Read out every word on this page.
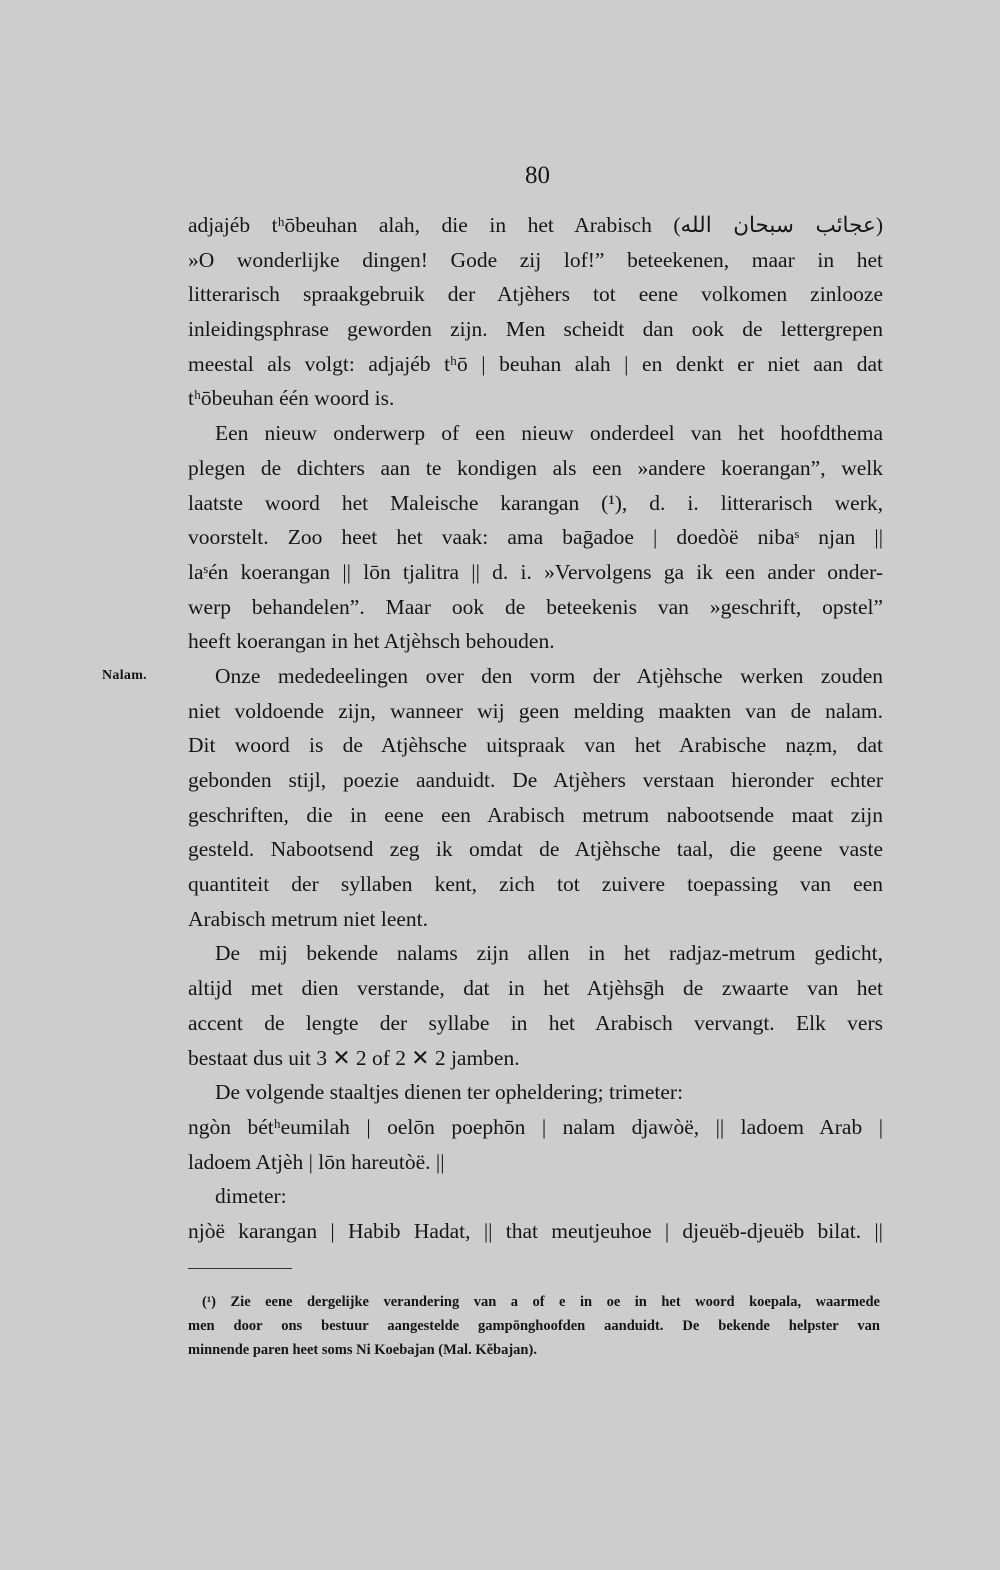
80
adjajéb tʰōbeuhan alah, die in het Arabisch (عجائب سبحان الله)
»O wonderlijke dingen! Gode zij lof!” beteekenen, maar in het
litterarisch spraakgebruik der Atjèhers tot eene volkomen zinlooze
inleidingsphrase geworden zijn. Men scheidt dan ook de lettergrepen
meestal als volgt: adjajéb tʰō | beuhan alah | en denkt er niet aan dat
tʰōbeuhan één woord is.
Een nieuw onderwerp of een nieuw onderdeel van het hoofdthema
plegen de dichters aan te kondigen als een »andere koerangan”, welk
laatste woord het Maleische karangan (¹), d. i. litterarisch werk,
voorstelt. Zoo heet het vaak: ama baḡadoe | doedòë nibaˢ njan ||
laˢén koerangan || lōn tjalitra || d. i. »Vervolgens ga ik een ander onder-
werp behandelen”. Maar ook de beteekenis van »geschrift, opstel”
heeft koerangan in het Atjèhsch behouden.
Nalam.	Onze mededeelingen over den vorm der Atjèhsche werken zouden
niet voldoende zijn, wanneer wij geen melding maakten van de nalam.
Dit woord is de Atjèhsche uitspraak van het Arabische naẓm, dat
gebonden stijl, poezie aanduidt. De Atjèhers verstaan hieronder echter
geschriften, die in eene een Arabisch metrum nabootsende maat zijn
gesteld. Nabootsend zeg ik omdat de Atjèhsche taal, die geene vaste
quantiteit der syllaben kent, zich tot zuivere toepassing van een
Arabisch metrum niet leent.
De mij bekende nalams zijn allen in het radjaz-metrum gedicht,
altijd met dien verstande, dat in het Atjèhsḡh de zwaarte van het
accent de lengte der syllabe in het Arabisch vervangt. Elk vers
bestaat dus uit 3 ✕ 2 of 2 ✕ 2 jamben.
De volgende staaltjes dienen ter opheldering; trimeter:
ngòn bétʰeumilah | oelōn poephōn | nalam djawòë, || ladoem Arab |
ladoem Atjèh | lōn hareutòë. ||
dimeter:
njòë karangan | Habib Hadat, || that meutjeuhoe | djeuëb-djeuëb bilat. ||
(¹) Zie eene dergelijke verandering van a of e in oe in het woord koepala, waarmede
men door ons bestuur aangestelde gampōnghoofden aanduidt. De bekende helpster van
minnende paren heet soms Ni Koebajan (Mal. Kĕbajan).
